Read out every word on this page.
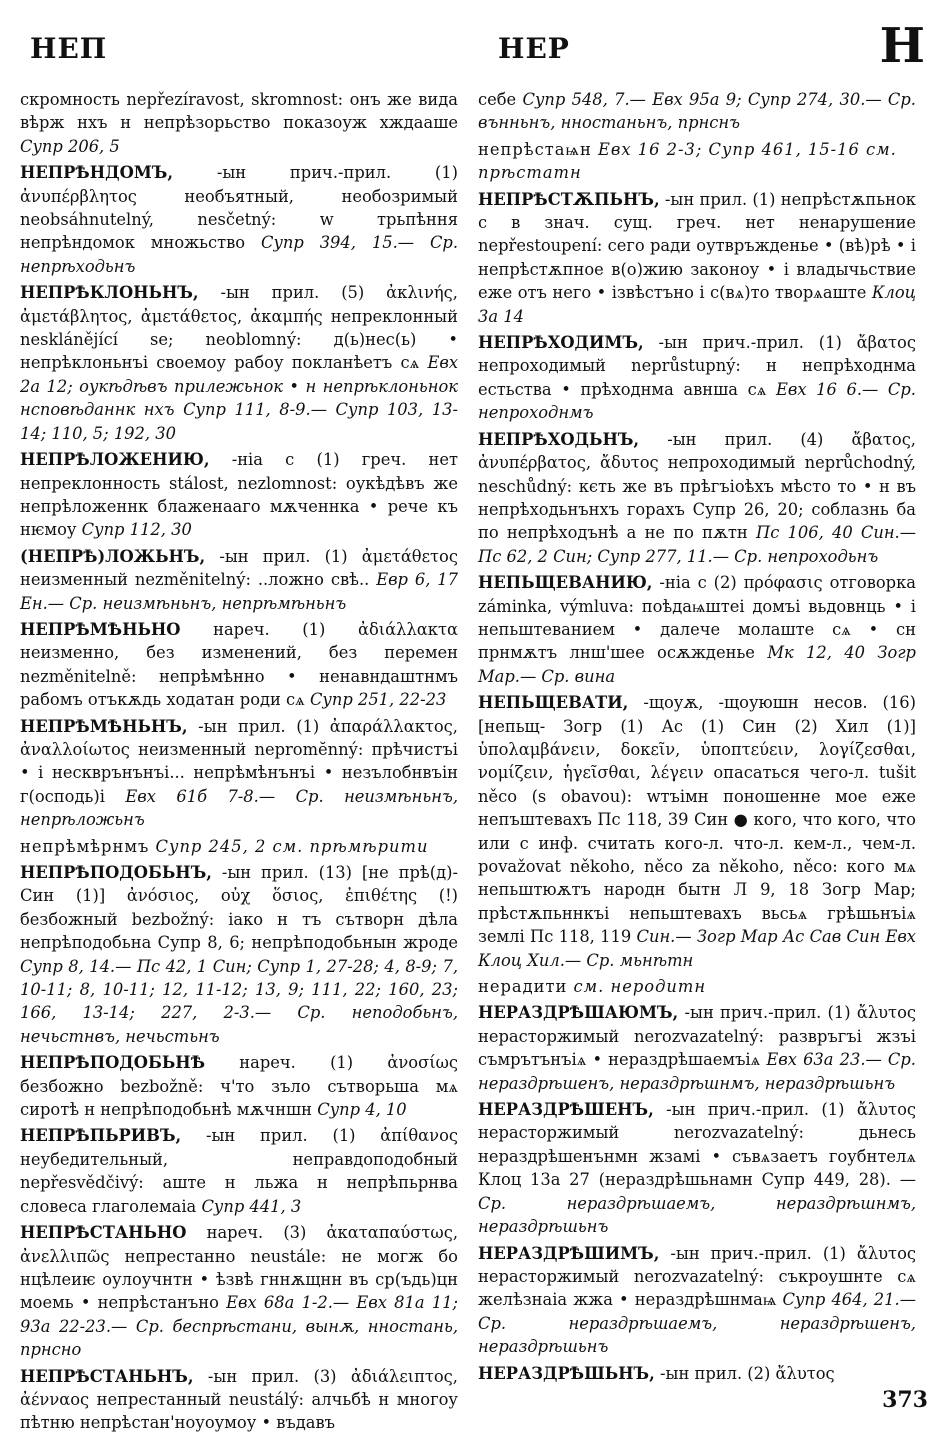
НЕП	НЕР	Н

скромность nepřezíravost, skromnost: онъ же вида вѣрж нхъ н непрѣзорьство показоуж хждааше Супр 206, 5

НЕПРѢНДОМЪ,	-ын прич.-прил. (1) ἀνυπέρβλητος необъятный, необозримый neobsáhnutelný, nesčetný: w трьпѣння непрѣндомок множьство Супр 394, 15.— Ср. непрѣходьнъ

НЕПРѢКЛОНЬНЪ, -ын прил. (5) ἀκλινής, ἀμετάβλητος, ἀμετάθετος, ἀκαμπής непреклонный nesklánějící se; neoblomný: д(ь)нес(ь) • непрѣклоньнъі своемоу рабоу покланѣетъ сѧ Евх 2а 12; оукѣдѣвъ прилежьнок • н непрѣклоньнок нсповѣданнк нхъ Супр 111, 8-9.— Супр 103, 13-14; 110, 5; 192, 30

НЕПРѢЛОЖЕНИЮ, -ніа с (1) греч. нет непреклонность stálost, nezlomnost: оукѣдѣвъ же непрѣложеннк блаженааго мѫченнка • рече къ нѥмоу Супр 112, 30

(НЕПРѢ)ЛОЖЬНЪ, -ын прил. (1) ἀμετάθετος неизменный nezměnitelný: ..ложно свѣ.. Евр 6, 17 Ен.— Ср. неизмѣньнъ, непрѣмѣньнъ

НЕПРѢМѢНЬНО нареч. (1) ἀδιάλλακτα неизменно, без изменений, без перемен nezměnitelně: непрѣмѣнно • ненавндаштнмъ рабомъ отъкѫдь ходатан роди сѧ Супр 251, 22-23

НЕПРѢМѢНЬНЪ, -ын прил. (1) ἀπαράλλακτος, ἀναλλοίωτος неизменный nepromĕnný: прѣчистъі • і нескврънънъі... непрѣмѣнънъі • незълобнвъін г(осподь)і Евх 61б 7-8.— Ср. неизмѣньнъ, непрѣложьнъ

непрѣмѣрнмъ Супр 245, 2 см. прѣмѣрити

НЕПРѢПОДОБЬНЪ, -ын прил. (13) [не прѣ(д)- Син (1)] ἀνόσιος, οὐχ ὅσιος, ἐπιθέτης (!) безбожный bezbožný: іако н тъ сътворн дѣла непрѣподобьна Супр 8, 6; непрѣподобьнын жроде Супр 8, 14.— Пс 42, 1 Син; Супр 1, 27-28; 4, 8-9; 7, 10-11; 8, 10-11; 12, 11-12; 13, 9; 111, 22; 160, 23; 166, 13-14; 227, 2-3.— Ср. неподобьнъ, нечьстнвъ, нечьстьнъ

НЕПРѢПОДОБЬНѢ нареч. (1) ἀνοσίως безбожно bezbožně: ч'то зъло сътворьша мѧ сиротѣ н непрѣподобьнѣ мѫчншн Супр 4, 10

НЕПРѢПЬРИВЪ, -ын прил. (1) ἀπίθανος неубедительный, неправдоподобный nepřesvědčivý: аште н льжа н непрѣпьрнва словеса глаголемаіа Супр 441, 3

НЕПРѢСТАНЬНО нареч. (3) ἀκαταπαύστως, ἀνελλιπῶς непрестанно neustále: не могж бо нцѣлеиѥ оулоучнтн • ѣзвѣ гннѫщнн въ ср(ъдь)цн моемь • непрѣстанъно Евх 68а 1-2.— Евх 81а 11; 93а 22-23.— Ср. беспрѣстани, вынѫ, нностань, прнсно

НЕПРѢСТАНЬНЪ, -ын прил. (3) ἀδιάλειπτος, ἀένναος непрестанный neustálý: алчьбѣ н многоу пѣтню непрѣстан'ноуоумоу • въдавъ

себе Супр 548, 7.— Евх 95а 9; Супр 274, 30.— Ср. вънньнъ, нностаньнъ, прнснъ

непрѣстаѩн Евх 16 2-3; Супр 461, 15-16 см. прѣстатн

НЕПРѢСТѪПЬНЪ, -ын прил. (1) непрѣстѫпьнок с в знач. сущ. греч. нет ненарушение nepřestoupení: сего ради оутвръжденье • (вѣ)рѣ • і непрѣстѫпное в(о)жию законоу • і владычьствие еже отъ него • ізвѣстъно і с(вѧ)то творѧаште Клоц 3а 14

НЕПРѢХОДИМЪ, -ын прич.-прил. (1) ἄβατος непроходимый neprůstupný: н непрѣходнма естьства • прѣходнма авнша сѧ Евх 16 6.— Ср. непроходнмъ

НЕПРѢХОДЬНЪ, -ын прил. (4) ἄβατος, ἀνυπέρβατος, ἄδυτος непроходимый neprůchodný, neschůdný: кєть же въ прѣгъіоѣхъ мѣсто то • н въ непрѣходьнънхъ горахъ Супр 26, 20; соблазнь ба по непрѣходънѣ а не по пѫтн Пс 106, 40 Син.— Пс 62, 2 Син; Супр 277, 11.— Ср. непроходьнъ

НЕПЬЩЕВАНИЮ, -ніа с (2) πρόφασις отговорка záminka, výmluva: поѣдаѩштеі домъі вьдовнць • і непьштеванием • далече молаште сѧ • сн прнмѫтъ лнш'шее осѫжденье Мк 12, 40 Зогр Мар.— Ср. вина

НЕПЬЩЕВАТИ, -щоуѫ, -щоуюшн несов. (16) [непьщ- Зогр (1) Ас (1) Син (2) Хил (1)] ὑπολαμβάνειν, δοκεῖν, ὑποπτεύειν, λογίζεσθαι, νομίζειν, ἡγεῖσθαι, λέγειν опасаться чего-л. tušit něco (s obavou): wтъімн поношенне мое еже непъштевахъ Пс 118, 39 Син ● кого, что кого, что или с инф. считать кого-л. что-л. кем-л., чем-л. považovat někoho, něco za někoho, něco: кого мѧ непьштюѫтъ народн бытн Л 9, 18 Зогр Мар; прѣстѫпьннкъі непьштевахъ вьсьѧ грѣшьнъіѧ землі Пс 118, 119 Син.— Зогр Мар Ас Сав Син Евх Клоц Хил.— Ср. мьнѣтн

нерадити см. неродитн

НЕРАЗДРѢШАЮМЪ, -ын прич.-прил. (1) ἄλυτος нерасторжимый nerozvazatelný: развръгъі жзъі съмрътънъіѧ • нераздрѣшаемъіѧ Евх 63а 23.— Ср. нераздрѣшенъ, нераздрѣшнмъ, нераздрѣшьнъ

НЕРАЗДРѢШЕНЪ, -ын прич.-прил. (1) ἄλυτος нерасторжимый nerozvazatelný: дьнесь нераздрѣшенънмн жзамі • съвѧзаетъ гоубнтелѧ Клоц 13а 27 (нераздрѣшьнамн Супр 449, 28). — Ср. нераздрѣшаемъ, нераздрѣшнмъ, нераздрѣшьнъ

НЕРАЗДРѢШИМЪ, -ын прич.-прил. (1) ἄλυτος нерасторжимый nerozvazatelný: съкроушнте сѧ желѣзнаіа жжа • нераздрѣшнмаѩ Супр 464, 21.— Ср. нераздрѣшаемъ, нераздрѣшенъ, нераздрѣшьнъ

НЕРАЗДРѢШЬНЪ, -ын прил. (2) ἄλυτος

373
